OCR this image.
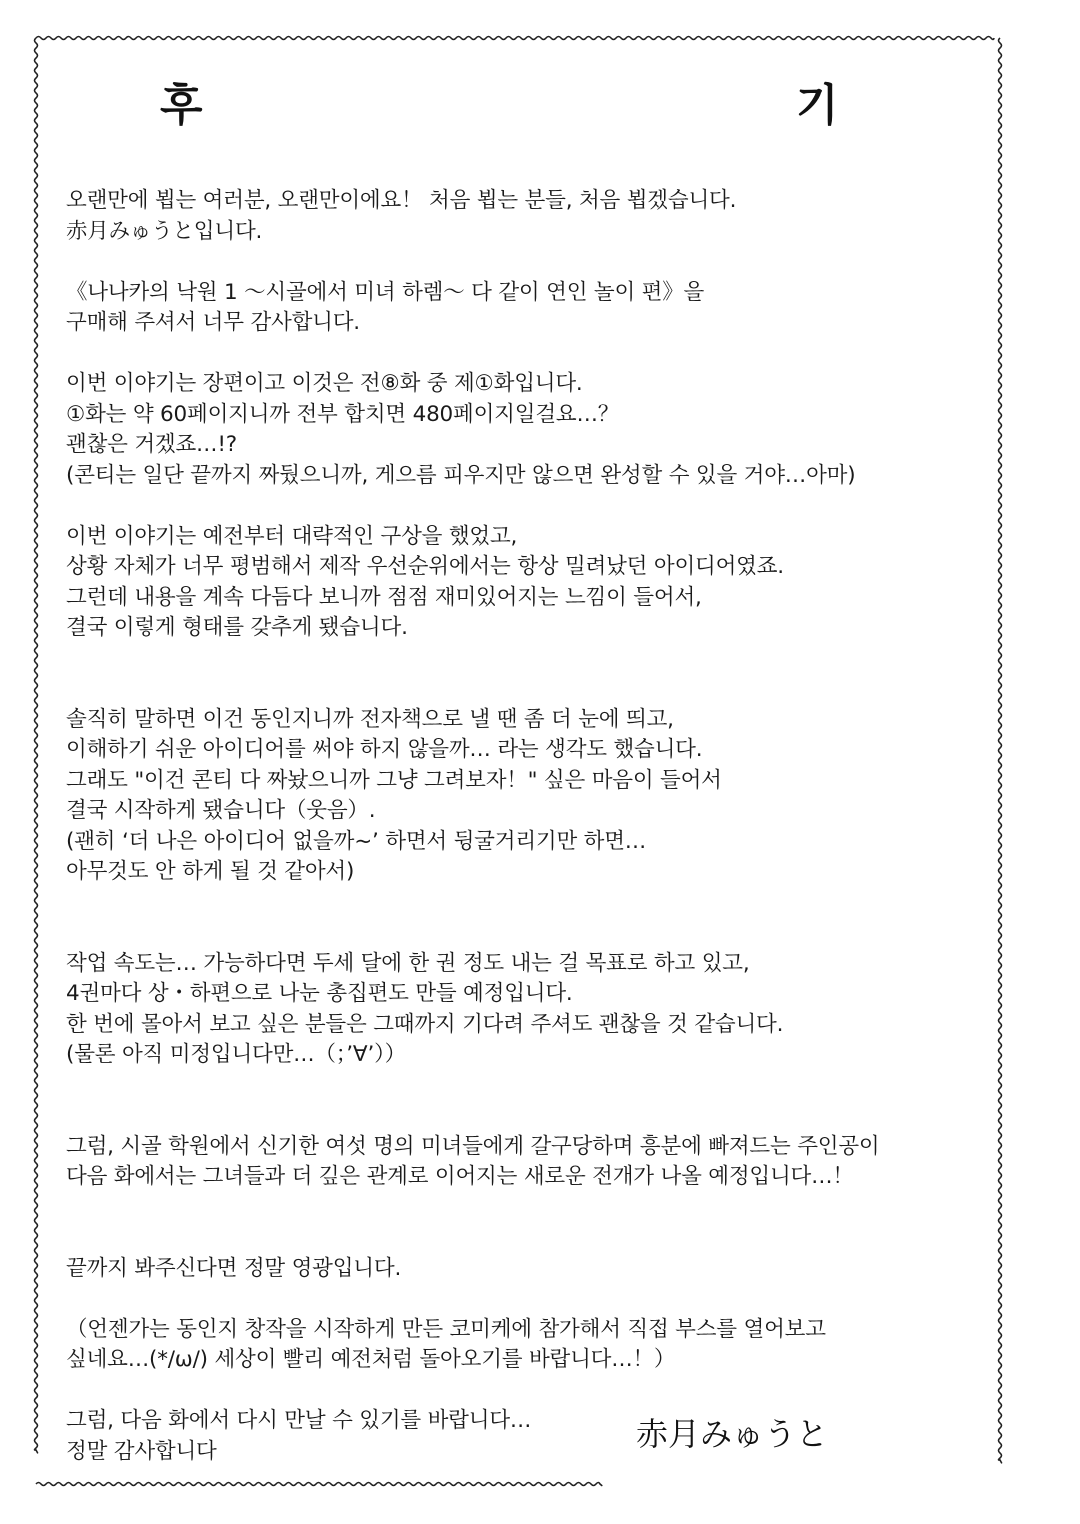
후	기
오랜만에 뵙는 여러분, 오랜만이에요！ 처음 뵙는 분들, 처음 뵙겠습니다.
赤月みゅうと입니다.
《나나카의 낙원 1 〜시골에서 미녀 하렘〜 다 같이 연인 놀이 편》을
구매해 주셔서 너무 감사합니다.
이번 이야기는 장편이고 이것은 전⑧화 중 제①화입니다.
①화는 약 60페이지니까 전부 합치면 480페이지일걸요…？
괜찮은 거겠죠…!?
(콘티는 일단 끝까지 짜뒀으니까, 게으름 피우지만 않으면 완성할 수 있을 거야…아마)
이번 이야기는 예전부터 대략적인 구상을 했었고,
상황 자체가 너무 평범해서 제작 우선순위에서는 항상 밀려났던 아이디어였죠.
그런데 내용을 계속 다듬다 보니까 점점 재미있어지는 느낌이 들어서,
결국 이렇게 형태를 갖추게 됐습니다.
솔직히 말하면 이건 동인지니까 전자책으로 낼 땐 좀 더 눈에 띄고,
이해하기 쉬운 아이디어를 써야 하지 않을까… 라는 생각도 했습니다.
그래도 "이건 콘티 다 짜놨으니까 그냥 그려보자！" 싶은 마음이 들어서
결국 시작하게 됐습니다（웃음）.
(괜히 ‘더 나은 아이디어 없을까~’ 하면서 뒹굴거리기만 하면…
아무것도 안 하게 될 것 같아서)
작업 속도는… 가능하다면 두세 달에 한 권 정도 내는 걸 목표로 하고 있고,
4권마다 상・하편으로 나눈 총집편도 만들 예정입니다.
한 번에 몰아서 보고 싶은 분들은 그때까지 기다려 주셔도 괜찮을 것 같습니다.
(물론 아직 미정입니다만…（；’∀’））
그럼, 시골 학원에서 신기한 여섯 명의 미녀들에게 갈구당하며 흥분에 빠져드는 주인공이
다음 화에서는 그녀들과 더 깊은 관계로 이어지는 새로운 전개가 나올 예정입니다…！
끝까지 봐주신다면 정말 영광입니다.
（언젠가는 동인지 창작을 시작하게 만든 코미케에 참가해서 직접 부스를 열어보고
싶네요…(*/ω/) 세상이 빨리 예전처럼 돌아오기를 바랍니다…！）
그럼, 다음 화에서 다시 만날 수 있기를 바랍니다…
정말 감사합니다	赤月みゅうと
